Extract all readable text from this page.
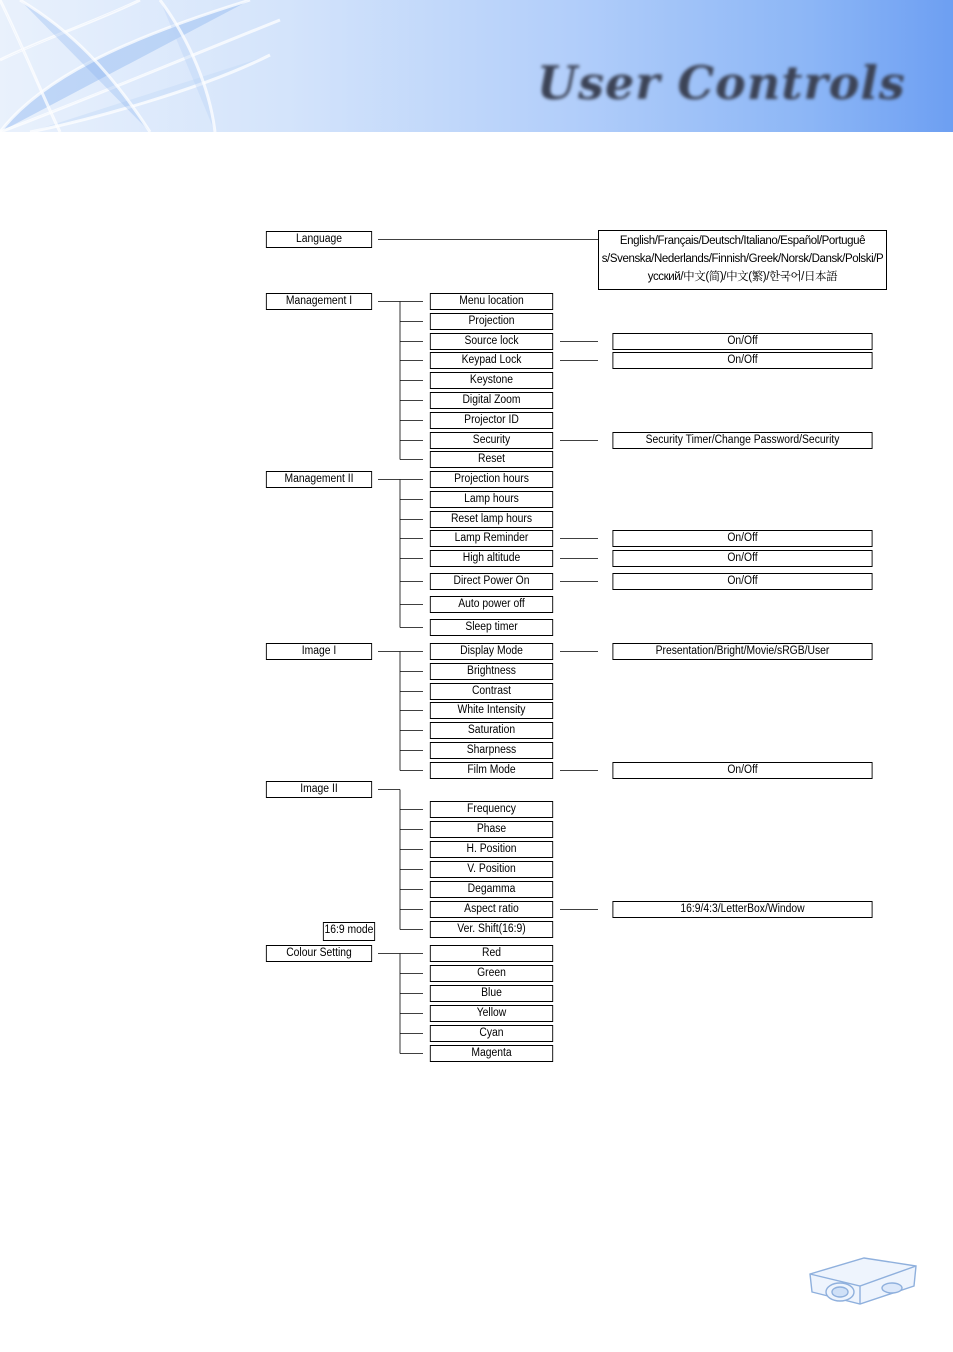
User Controls
Language	English/Français/Deutsch/Italiano/Español/Portuguê s/Svenska/Nederlands/Finnish/Greek/Norsk/Dansk/Polski/P усский/中文(简)/中文(繁)/한국어/日本語
Management I	Menu location
Projection
Source lock	On/Off
Keypad Lock	On/Off
Keystone
Digital Zoom
Projector ID
Security	Security Timer/Change Password/Security
Reset
Management II	Projection hours
Lamp hours
Reset lamp hours
Lamp Reminder	On/Off
High altitude	On/Off
Direct Power On	On/Off
Auto power off
Sleep timer
Image I	Display Mode	Presentation/Bright/Movie/sRGB/User
Brightness
Contrast
White Intensity
Saturation
Sharpness
Film Mode	On/Off
Image II
Frequency
Phase
H. Position
V. Position
Degamma
Aspect ratio	16:9/4:3/LetterBox/Window
Ver. Shift(16:9)
16:9 mode
Colour Setting	Red
Green
Blue
Yellow
Cyan
Magenta
